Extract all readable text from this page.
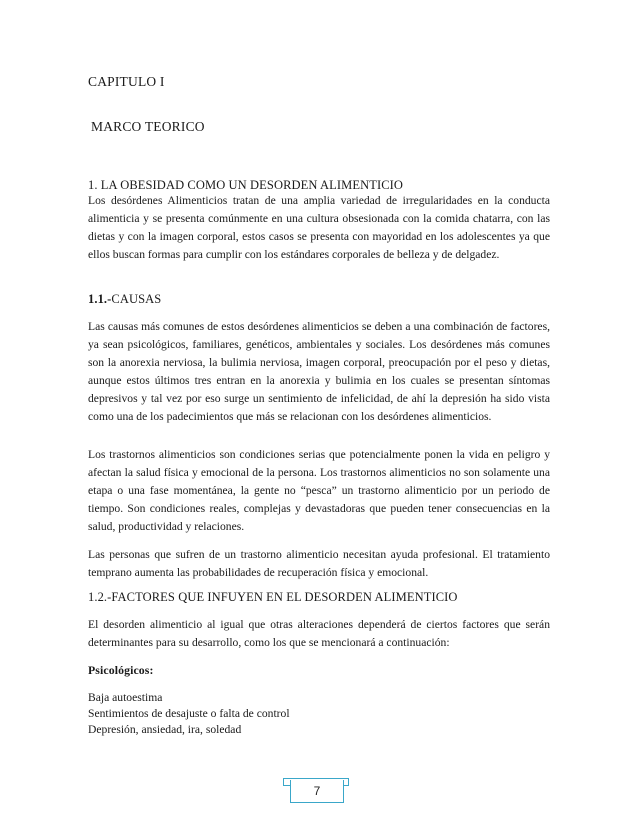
CAPITULO I

MARCO TEORICO

1. LA OBESIDAD COMO UN DESORDEN ALIMENTICIO

Los desórdenes Alimenticios tratan de una amplia variedad de irregularidades en la conducta alimenticia y se presenta comúnmente en una cultura obsesionada con la comida chatarra, con las dietas y con la imagen corporal, estos casos se presenta con mayoridad en los adolescentes ya que ellos buscan formas para cumplir con los estándares corporales de belleza y de delgadez.

1.1.-CAUSAS

Las causas más comunes de estos desórdenes alimenticios se deben a una combinación de factores, ya sean psicológicos, familiares, genéticos, ambientales y sociales. Los desórdenes más comunes son la anorexia nerviosa, la bulimia nerviosa, imagen corporal, preocupación por el peso y dietas, aunque estos últimos tres entran en la anorexia y bulimia en los cuales se presentan síntomas depresivos y tal vez por eso surge un sentimiento de infelicidad, de ahí la depresión ha sido vista como una de los padecimientos que más se relacionan con los desórdenes alimenticios.

Los trastornos alimenticios son condiciones serias que potencialmente ponen la vida en peligro y afectan la salud física y emocional de la persona. Los trastornos alimenticios no son solamente una etapa o una fase momentánea, la gente no “pesca” un trastorno alimenticio por un periodo de tiempo. Son condiciones reales, complejas y devastadoras que pueden tener consecuencias en la salud, productividad y relaciones.

Las personas que sufren de un trastorno alimenticio necesitan ayuda profesional. El tratamiento temprano aumenta las probabilidades de recuperación física y emocional.

1.2.-FACTORES QUE INFUYEN EN EL DESORDEN ALIMENTICIO

El desorden alimenticio al igual que otras alteraciones dependerá de ciertos factores que serán determinantes para su desarrollo, como los que se mencionará a continuación:

Psicológicos:

Baja autoestima
Sentimientos de desajuste o falta de control
Depresión, ansiedad, ira, soledad
7
